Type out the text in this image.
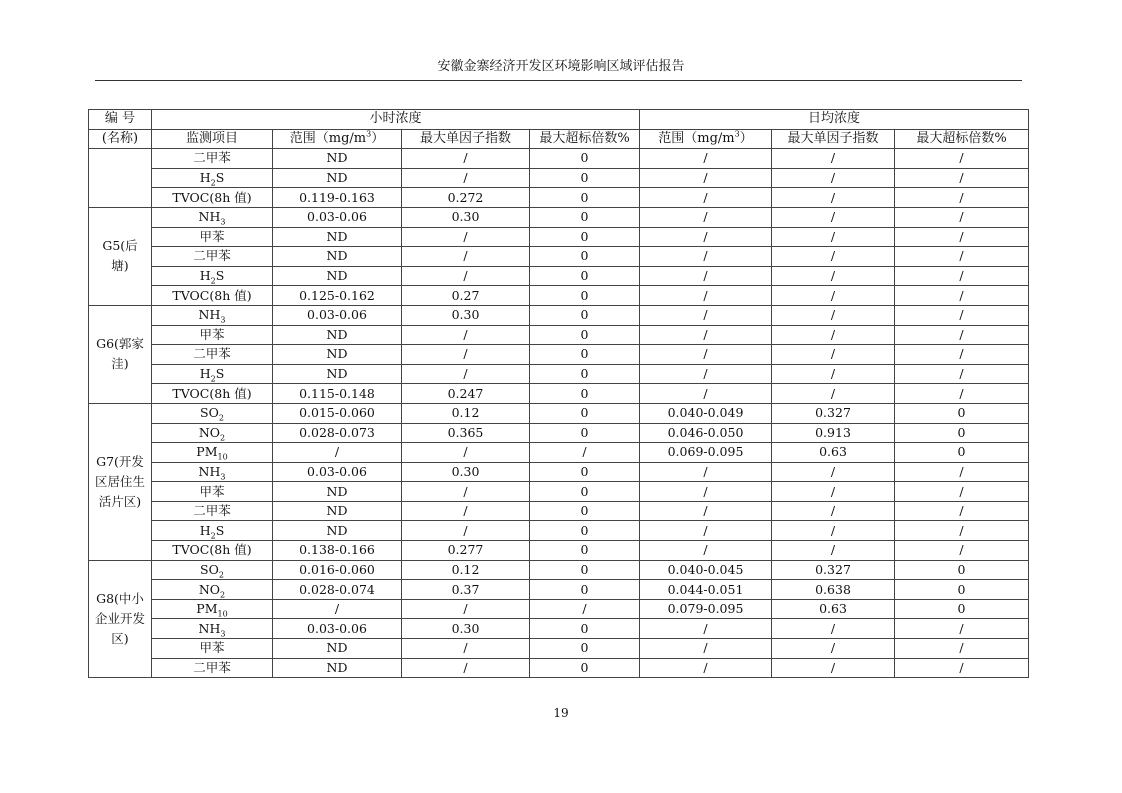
安徽金寨经济开发区环境影响区域评估报告
编 号	小时浓度				日均浓度		
(名称)	监测项目	范围$(mg/m^3)$	最大单因子指数	最大超标倍数%	范围$(mg/m^3)$	最大单因子指数	最大超标倍数%
	二甲苯	ND	/	0	/	/	/
	$H_2S$	ND	/	0	/	/	/
	TVOC(8h 值)	0.119-0.163	0.272	0	/	/	/
G5(后塘)	$NH_3$	0.03-0.06	0.30	0	/	/	/
	甲苯	ND	/	0	/	/	/
	二甲苯	ND	/	0	/	/	/
	$H_2S$	ND	/	0	/	/	/
	TVOC(8h 值)	0.125-0.162	0.27	0	/	/	/
G6(郭家洼)	$NH_3$	0.03-0.06	0.30	0	/	/	/
	甲苯	ND	/	0	/	/	/
	二甲苯	ND	/	0	/	/	/
	$H_2S$	ND	/	0	/	/	/
	TVOC(8h 值)	0.115-0.148	0.247	0	/	/	/
G7(开发区居住生活片区)	$SO_2$	0.015-0.060	0.12	0	0.040-0.049	0.327	0
	$NO_2$	0.028-0.073	0.365	0	0.046-0.050	0.913	0
	$PM_{10}$	/	/	/	0.069-0.095	0.63	0
	$NH_3$	0.03-0.06	0.30	0	/	/	/
	甲苯	ND	/	0	/	/	/
	二甲苯	ND	/	0	/	/	/
	$H_2S$	ND	/	0	/	/	/
	TVOC(8h 值)	0.138-0.166	0.277	0	/	/	/
G8(中小企业开发区)	$SO_2$	0.016-0.060	0.12	0	0.040-0.045	0.327	0
	$NO_2$	0.028-0.074	0.37	0	0.044-0.051	0.638	0
	$PM_{10}$	/	/	/	0.079-0.095	0.63	0
	$NH_3$	0.03-0.06	0.30	0	/	/	/
	甲苯	ND	/	0	/	/	/
	二甲苯	ND	/	0	/	/	/
19
